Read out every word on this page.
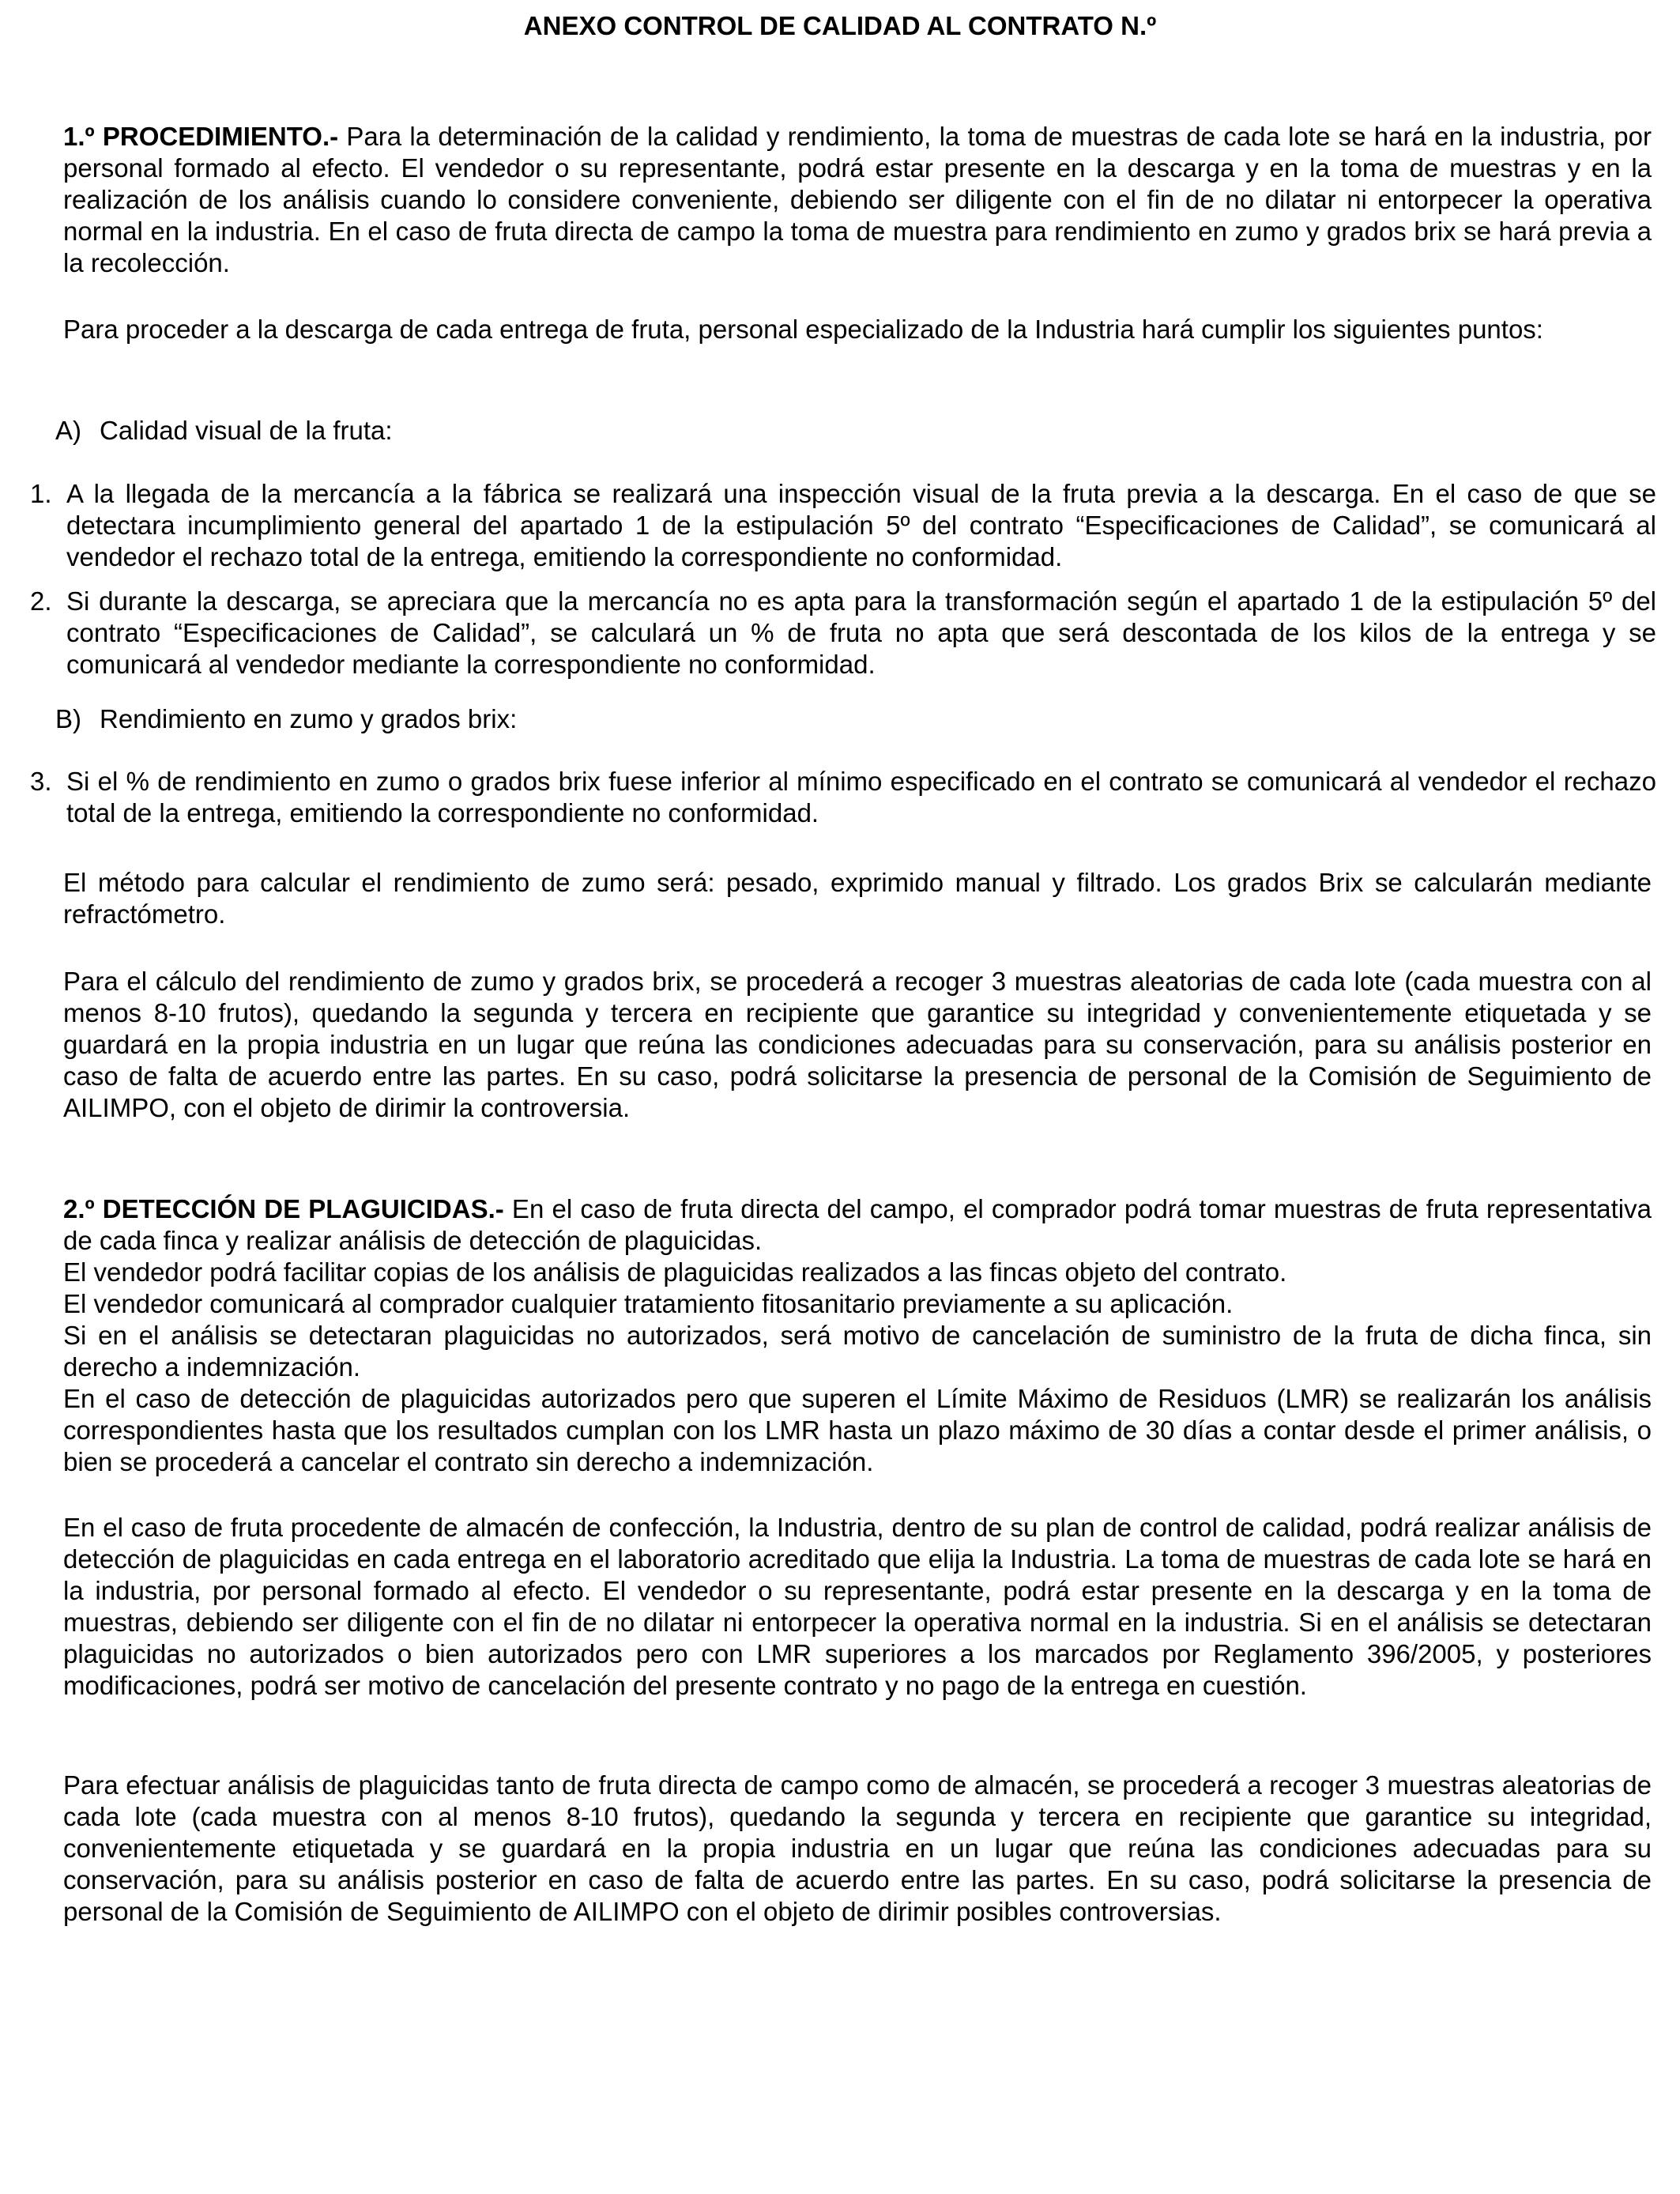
ANEXO CONTROL DE CALIDAD AL CONTRATO N.º

1.º PROCEDIMIENTO.- Para la determinación de la calidad y rendimiento, la toma de muestras de cada lote se hará en la industria, por personal formado al efecto. El vendedor o su representante, podrá estar presente en la descarga y en la toma de muestras y en la realización de los análisis cuando lo considere conveniente, debiendo ser diligente con el fin de no dilatar ni entorpecer la operativa normal en la industria. En el caso de fruta directa de campo la toma de muestra para rendimiento en zumo y grados brix se hará previa a la recolección.

Para proceder a la descarga de cada entrega de fruta, personal especializado de la Industria hará cumplir los siguientes puntos:
A) Calidad visual de la fruta:
1. A la llegada de la mercancía a la fábrica se realizará una inspección visual de la fruta previa a la descarga. En el caso de que se detectara incumplimiento general del apartado 1 de la estipulación 5º del contrato “Especificaciones de Calidad”, se comunicará al vendedor el rechazo total de la entrega, emitiendo la correspondiente no conformidad.
2. Si durante la descarga, se apreciara que la mercancía no es apta para la transformación según el apartado 1 de la estipulación 5º del contrato “Especificaciones de Calidad”, se calculará un % de fruta no apta que será descontada de los kilos de la entrega y se comunicará al vendedor mediante la correspondiente no conformidad.
B) Rendimiento en zumo y grados brix:
3. Si el % de rendimiento en zumo o grados brix fuese inferior al mínimo especificado en el contrato se comunicará al vendedor el rechazo total de la entrega, emitiendo la correspondiente no conformidad.
El método para calcular el rendimiento de zumo será: pesado, exprimido manual y filtrado. Los grados Brix se calcularán mediante refractómetro.
Para el cálculo del rendimiento de zumo y grados brix, se procederá a recoger 3 muestras aleatorias de cada lote (cada muestra con al menos 8-10 frutos), quedando la segunda y tercera en recipiente que garantice su integridad y convenientemente etiquetada y se guardará en la propia industria en un lugar que reúna las condiciones adecuadas para su conservación, para su análisis posterior en caso de falta de acuerdo entre las partes. En su caso, podrá solicitarse la presencia de personal de la Comisión de Seguimiento de AILIMPO, con el objeto de dirimir la controversia.

2.º DETECCIÓN DE PLAGUICIDAS.- En el caso de fruta directa del campo, el comprador podrá tomar muestras de fruta representativa de cada finca y realizar análisis de detección de plaguicidas.

El vendedor podrá facilitar copias de los análisis de plaguicidas realizados a las fincas objeto del contrato.

El vendedor comunicará al comprador cualquier tratamiento fitosanitario previamente a su aplicación.

Si en el análisis se detectaran plaguicidas no autorizados, será motivo de cancelación de suministro de la fruta de dicha finca, sin derecho a indemnización.

En el caso de detección de plaguicidas autorizados pero que superen el Límite Máximo de Residuos (LMR) se realizarán los análisis correspondientes hasta que los resultados cumplan con los LMR hasta un plazo máximo de 30 días a contar desde el primer análisis, o bien se procederá a cancelar el contrato sin derecho a indemnización.

En el caso de fruta procedente de almacén de confección, la Industria, dentro de su plan de control de calidad, podrá realizar análisis de detección de plaguicidas en cada entrega en el laboratorio acreditado que elija la Industria. La toma de muestras de cada lote se hará en la industria, por personal formado al efecto. El vendedor o su representante, podrá estar presente en la descarga y en la toma de muestras, debiendo ser diligente con el fin de no dilatar ni entorpecer la operativa normal en la industria. Si en el análisis se detectaran plaguicidas no autorizados o bien autorizados pero con LMR superiores a los marcados por Reglamento 396/2005, y posteriores modificaciones, podrá ser motivo de cancelación del presente contrato y no pago de la entrega en cuestión.
Para efectuar análisis de plaguicidas tanto de fruta directa de campo como de almacén, se procederá a recoger 3 muestras aleatorias de cada lote (cada muestra con al menos 8-10 frutos), quedando la segunda y tercera en recipiente que garantice su integridad, convenientemente etiquetada y se guardará en la propia industria en un lugar que reúna las condiciones adecuadas para su conservación, para su análisis posterior en caso de falta de acuerdo entre las partes. En su caso, podrá solicitarse la presencia de personal de la Comisión de Seguimiento de AILIMPO con el objeto de dirimir posibles controversias.
